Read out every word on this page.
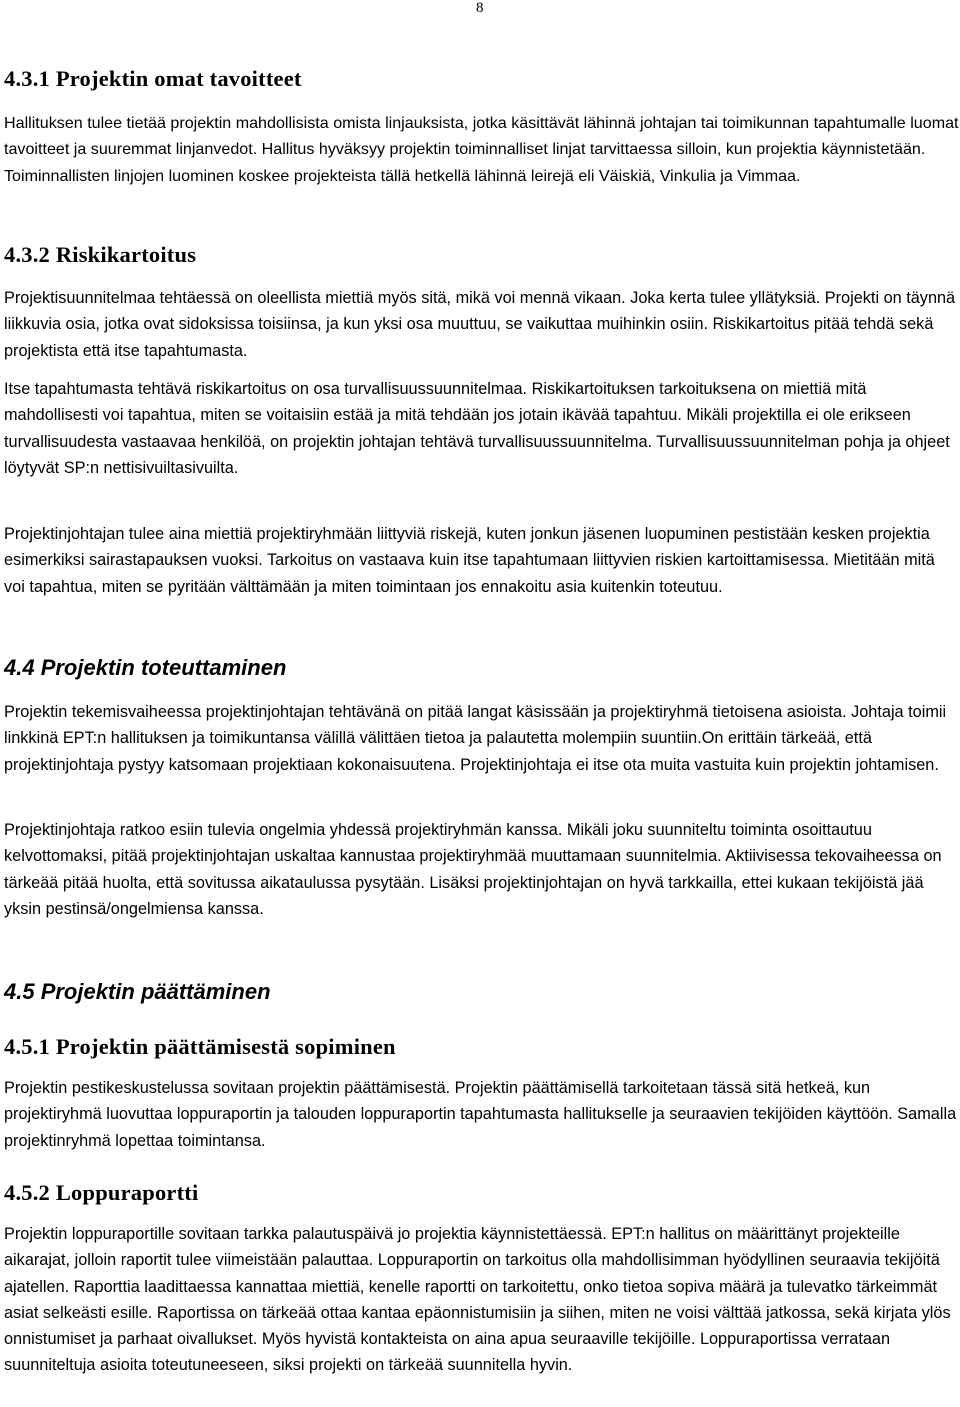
8
4.3.1 Projektin omat tavoitteet

Hallituksen tulee tietää projektin mahdollisista omista linjauksista, jotka käsittävät lähinnä johtajan tai toimikunnan tapahtumalle luomat tavoitteet ja suuremmat linjanvedot. Hallitus hyväksyy projektin toiminnalliset linjat tarvittaessa silloin, kun projektia käynnistetään. Toiminnallisten linjojen luominen koskee projekteista tällä hetkellä lähinnä leirejä eli Väiskiä, Vinkulia ja Vimmaa.

4.3.2 Riskikartoitus

Projektisuunnitelmaa tehtäessä on oleellista miettiä myös sitä, mikä voi mennä vikaan. Joka kerta tulee yllätyksiä. Projekti on täynnä liikkuvia osia, jotka ovat sidoksissa toisiinsa, ja kun yksi osa muuttuu, se vaikuttaa muihinkin osiin. Riskikartoitus pitää tehdä sekä projektista että itse tapahtumasta.

Itse tapahtumasta tehtävä riskikartoitus on osa turvallisuussuunnitelmaa. Riskikartoituksen tarkoituksena on miettiä mitä mahdollisesti voi tapahtua, miten se voitaisiin estää ja mitä tehdään jos jotain ikävää tapahtuu. Mikäli projektilla ei ole erikseen turvallisuudesta vastaavaa henkilöä, on projektin johtajan tehtävä turvallisuussuunnitelma. Turvallisuussuunnitelman pohja ja ohjeet löytyvät SP:n nettisivuiltasivuilta.

Projektinjohtajan tulee aina miettiä projektiryhmään liittyviä riskejä, kuten jonkun jäsenen luopuminen pestistään kesken projektia esimerkiksi sairastapauksen vuoksi. Tarkoitus on vastaava kuin itse tapahtumaan liittyvien riskien kartoittamisessa. Mietitään mitä voi tapahtua, miten se pyritään välttämään ja miten toimintaan jos ennakoitu asia kuitenkin toteutuu.

4.4 Projektin toteuttaminen

Projektin tekemisvaiheessa projektinjohtajan tehtävänä on pitää langat käsissään ja projektiryhmä tietoisena asioista. Johtaja toimii linkkinä EPT:n hallituksen ja toimikuntansa välillä välittäen tietoa ja palautetta molempiin suuntiin.On erittäin tärkeää, että projektinjohtaja pystyy katsomaan projektiaan kokonaisuutena. Projektinjohtaja ei itse ota muita vastuita kuin projektin johtamisen.

Projektinjohtaja ratkoo esiin tulevia ongelmia yhdessä projektiryhmän kanssa. Mikäli joku suunniteltu toiminta osoittautuu kelvottomaksi, pitää projektinjohtajan uskaltaa kannustaa projektiryhmää muuttamaan suunnitelmia. Aktiivisessa tekovaiheessa on tärkeää pitää huolta, että sovitussa aikataulussa pysytään. Lisäksi projektinjohtajan on hyvä tarkkailla, ettei kukaan tekijöistä jää yksin pestinsä/ongelmiensa kanssa.

4.5 Projektin päättäminen
4.5.1 Projektin päättämisestä sopiminen

Projektin pestikeskustelussa sovitaan projektin päättämisestä. Projektin päättämisellä tarkoitetaan tässä sitä hetkeä, kun projektiryhmä luovuttaa loppuraportin ja talouden loppuraportin tapahtumasta hallitukselle ja seuraavien tekijöiden käyttöön. Samalla projektinryhmä lopettaa toimintansa.

4.5.2 Loppuraportti

Projektin loppuraportille sovitaan tarkka palautuspäivä jo projektia käynnistettäessä. EPT:n hallitus on määrittänyt projekteille aikarajat, jolloin raportit tulee viimeistään palauttaa. Loppuraportin on tarkoitus olla mahdollisimman hyödyllinen seuraavia tekijöitä ajatellen. Raporttia laadittaessa kannattaa miettiä, kenelle raportti on tarkoitettu, onko tietoa sopiva määrä ja tulevatko tärkeimmät asiat selkeästi esille. Raportissa on tärkeää ottaa kantaa epäonnistumisiin ja siihen, miten ne voisi välttää jatkossa, sekä kirjata ylös onnistumiset ja parhaat oivallukset. Myös hyvistä kontakteista on aina apua seuraaville tekijöille. Loppuraportissa verrataan suunniteltuja asioita toteutuneeseen, siksi projekti on tärkeää suunnitella hyvin.
